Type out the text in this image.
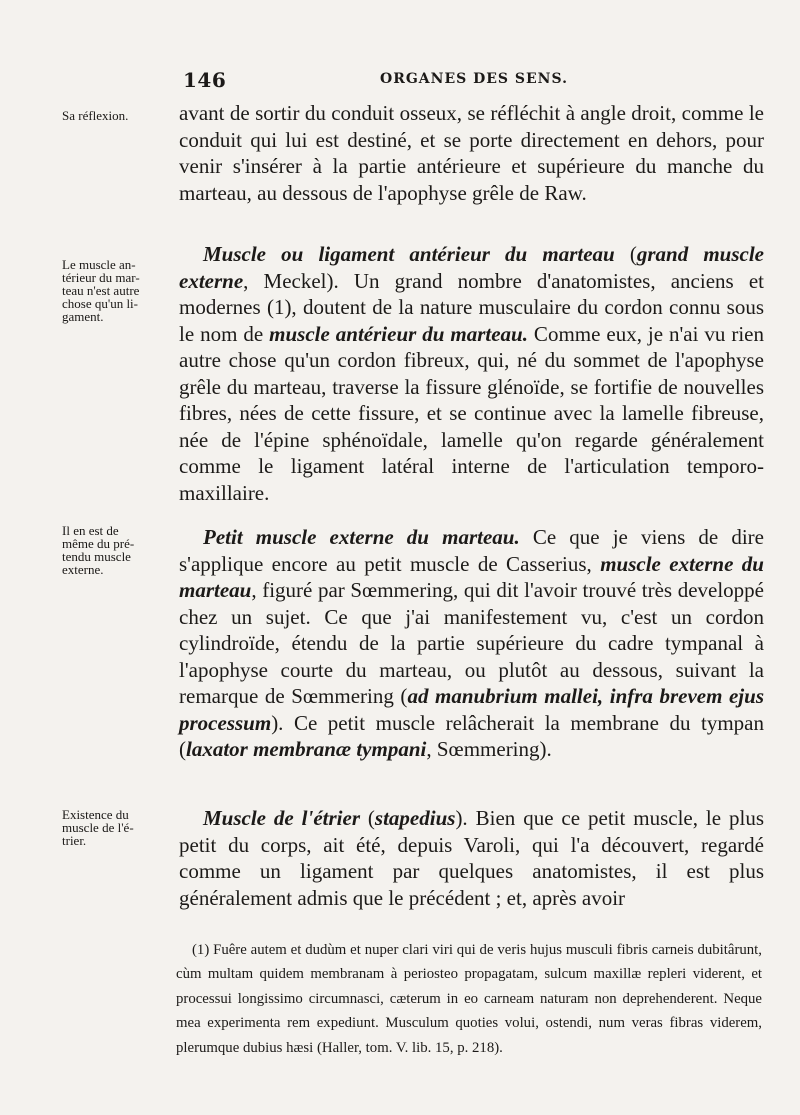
146	ORGANES DES SENS.
Sa réflexion.
Le muscle an-
térieur du mar-
teau n'est autre
chose qu'un li-
gament.
Il en est de
même du pré-
tendu muscle
externe.
Existence du
muscle de l'é-
trier.

avant de sortir du conduit osseux, se réfléchit à angle droit, comme le conduit qui lui est destiné, et se porte directement en dehors, pour venir s'insérer à la partie antérieure et supérieure du manche du marteau, au dessous de l'apophyse grêle de Raw.

Muscle ou ligament antérieur du marteau (grand muscle externe, Meckel). Un grand nombre d'anatomistes, anciens et modernes (1), doutent de la nature musculaire du cordon connu sous le nom de muscle antérieur du marteau. Comme eux, je n'ai vu rien autre chose qu'un cordon fibreux, qui, né du sommet de l'apophyse grêle du marteau, traverse la fissure glénoïde, se fortifie de nouvelles fibres, nées de cette fissure, et se continue avec la lamelle fibreuse, née de l'épine sphénoïdale, lamelle qu'on regarde généralement comme le ligament latéral interne de l'articulation temporo-maxillaire.

Petit muscle externe du marteau. Ce que je viens de dire s'applique encore au petit muscle de Casserius, muscle externe du marteau, figuré par Sœmmering, qui dit l'avoir trouvé très developpé chez un sujet. Ce que j'ai manifestement vu, c'est un cordon cylindroïde, étendu de la partie supérieure du cadre tympanal à l'apophyse courte du marteau, ou plutôt au dessous, suivant la remarque de Sœmmering (ad manubrium mallei, infra brevem ejus processum). Ce petit muscle relâcherait la membrane du tympan (laxator membranæ tympani, Sœmmering).

Muscle de l'étrier (stapedius). Bien que ce petit muscle, le plus petit du corps, ait été, depuis Varoli, qui l'a découvert, regardé comme un ligament par quelques anatomistes, il est plus généralement admis que le précédent ; et, après avoir

(1) Fuêre autem et dudùm et nuper clari viri qui de veris hujus musculi fibris carneis dubitârunt, cùm multam quidem membranam à periosteo propagatam, sulcum maxillæ repleri viderent, et processui longissimo circumnasci, cæterum in eo carneam naturam non deprehenderent. Neque mea experimenta rem expediunt. Musculum quoties volui, ostendi, num veras fibras viderem, plerumque dubius hæsi (Haller, tom. V. lib. 15, p. 218).
